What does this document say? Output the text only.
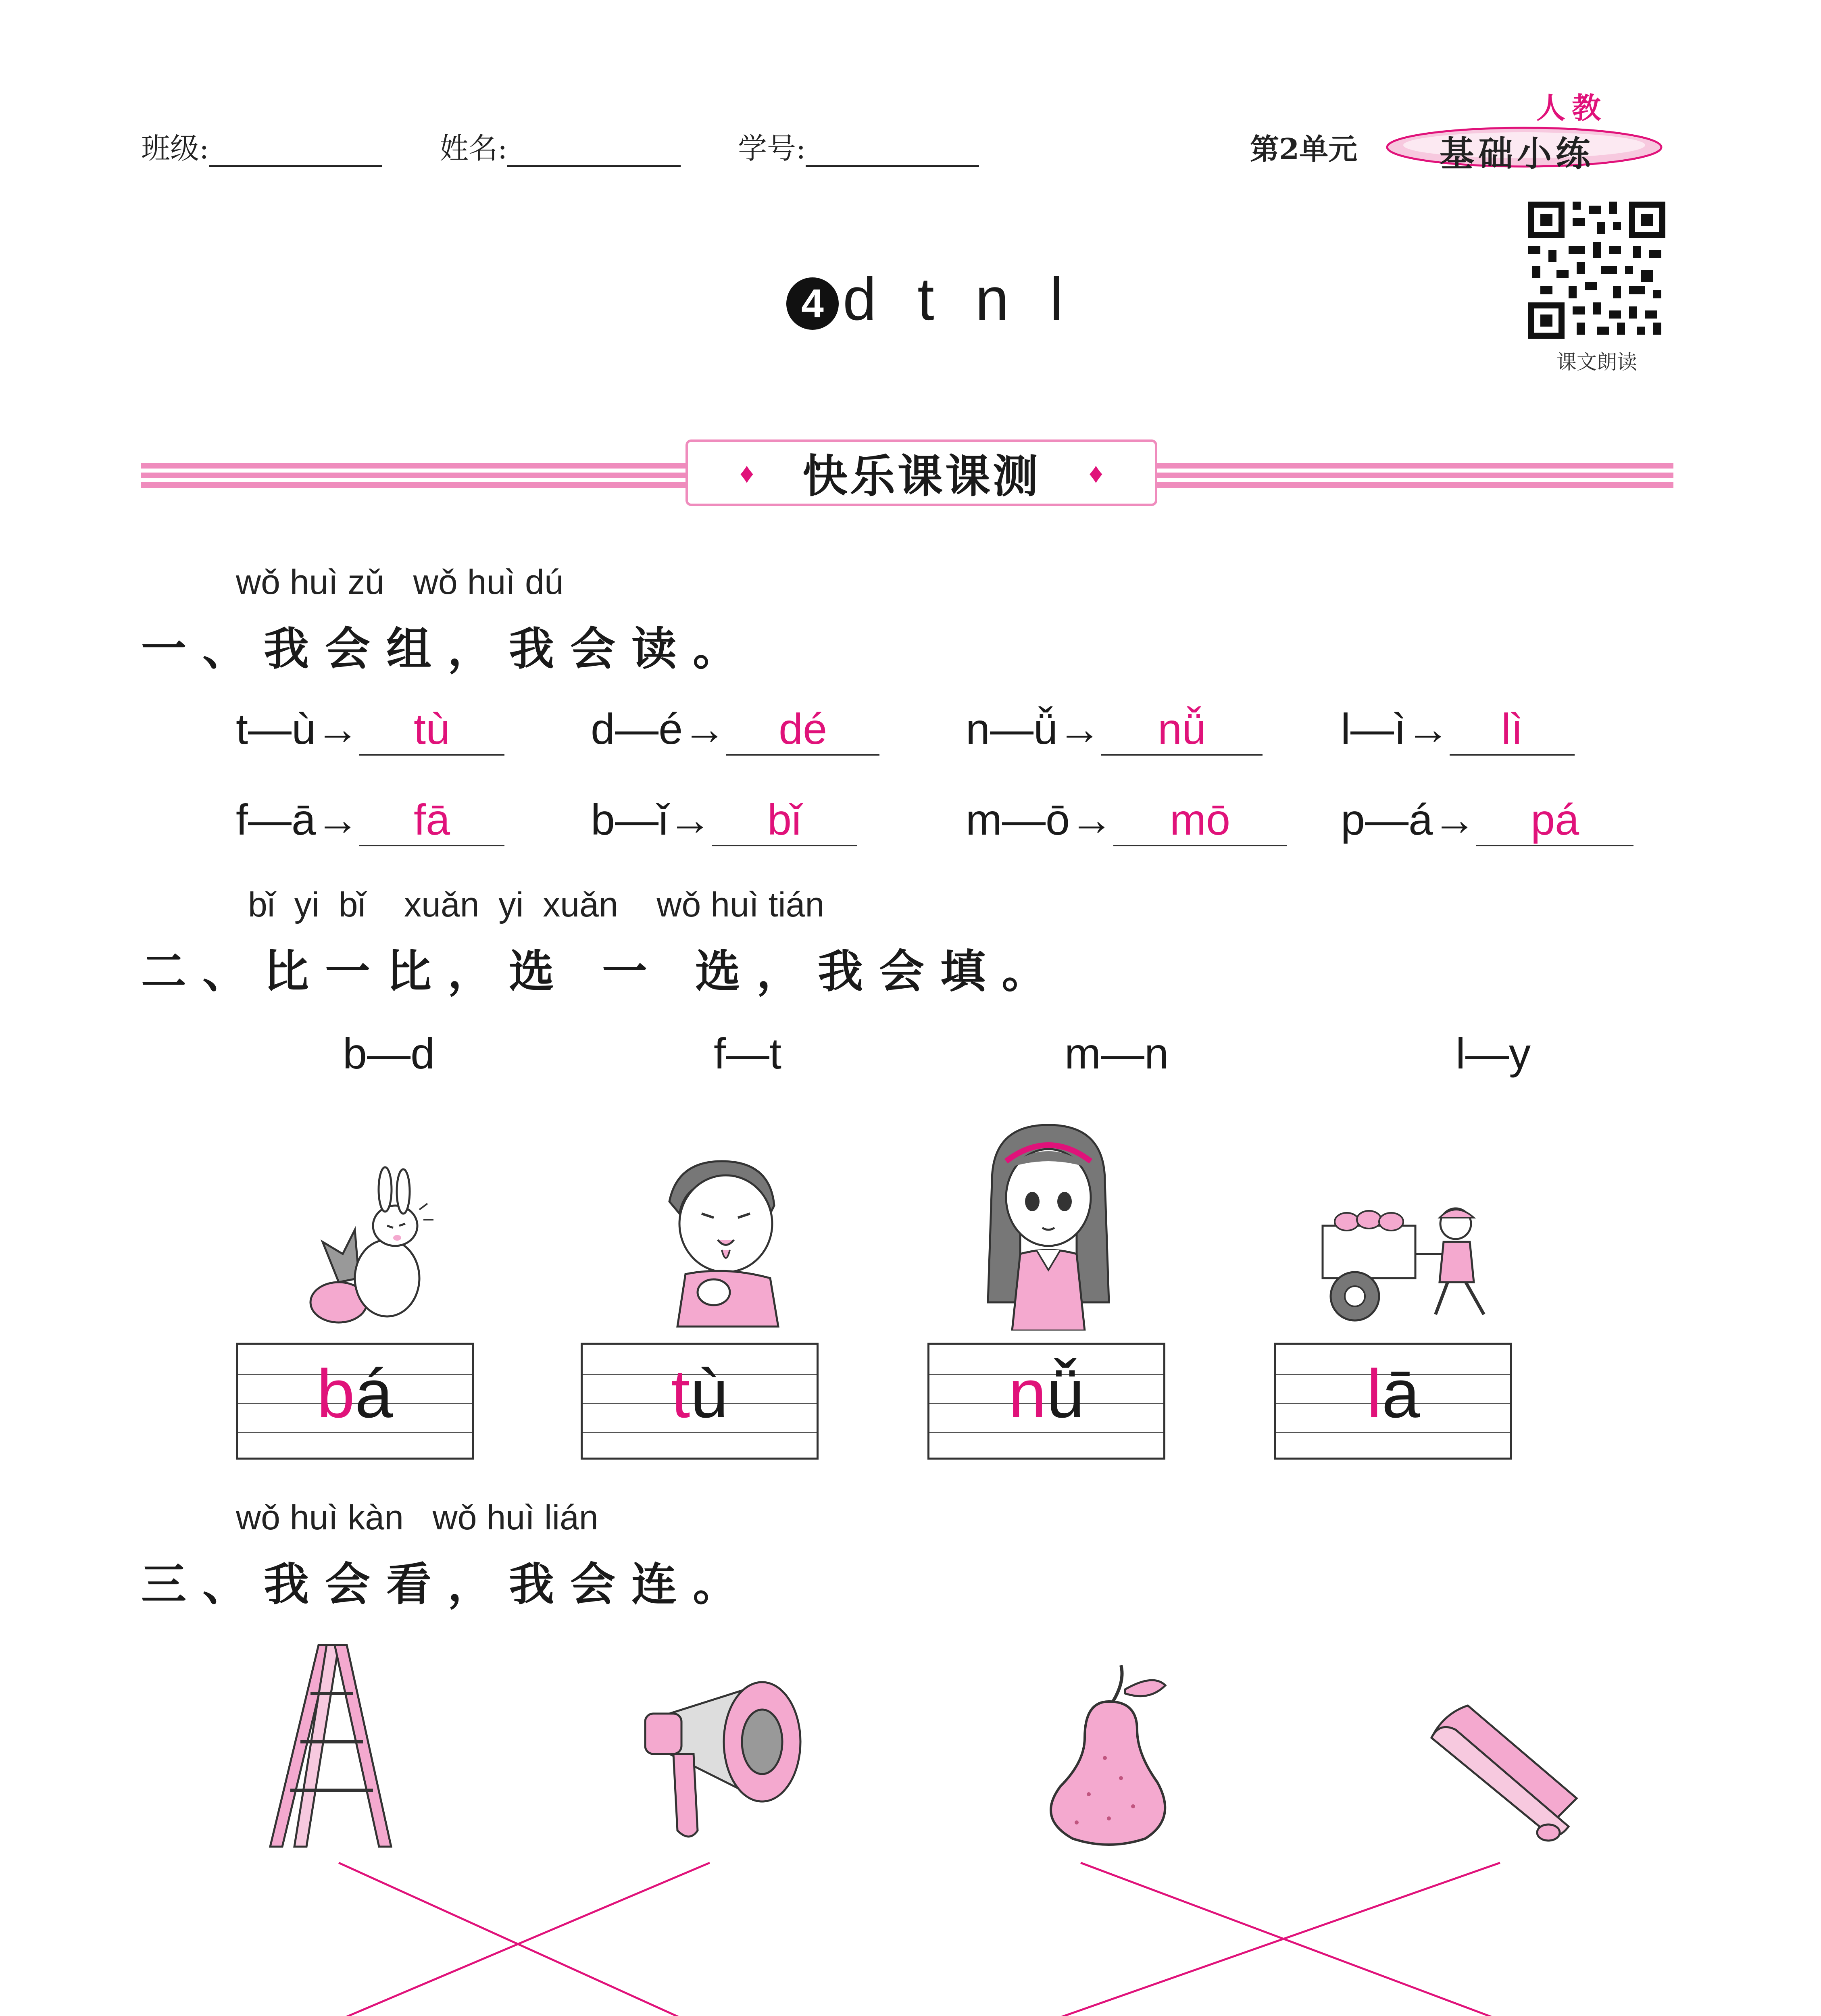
班级:	姓名:	学号:	第2单元
人教
基础小练
课文朗读
4 d t n l
♦ 快乐课课测 ♦
wǒ huì zǔ   wǒ huì dú
一、我会组，我会读。
t—ù→ tù	d—é→ dé	n—ǚ→ nǚ	l—ì→ lì
f—ā→ fā	b—ǐ→ bǐ	m—ō→ mō	p—á→ pá
bǐ  yi  bǐ    xuǎn  yi  xuǎn    wǒ huì tián
二、比一比，选 一 选，我会填。
b—d	f—t	m—n	l—y
bá	tù	nǚ	lā
wǒ huì kàn   wǒ huì lián
三、我会看，我会连。
